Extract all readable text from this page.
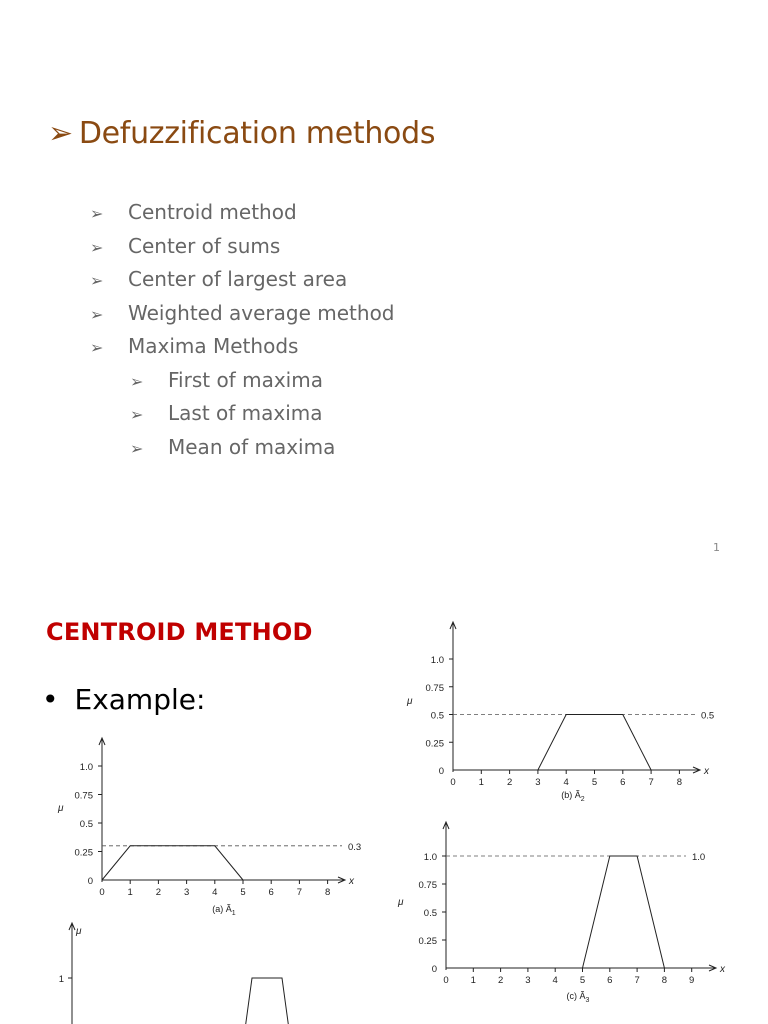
➢ Defuzzification methods
➢ Centroid method
➢ Center of sums
➢ Center of largest area
➢ Weighted average method
➢ Maxima Methods
➢ First of maxima
➢ Last of maxima
➢ Mean of maxima
1
CENTROID METHOD
• Example:
x
μ
0
0.25
0.5
0.75
1.0
0 1 2 3 4 5 6 7 8
0.3
(a) $Ã_1$
x
μ
0
0.25
0.5
0.75
1.0
0 1 2 3 4 5 6 7 8
0.5
(b) $Ã_2$
x
μ
0
0.25
0.5
0.75
1.0
0 1 2 3 4 5 6 7 8 9
1.0
(c) $Ã_3$
μ
1
